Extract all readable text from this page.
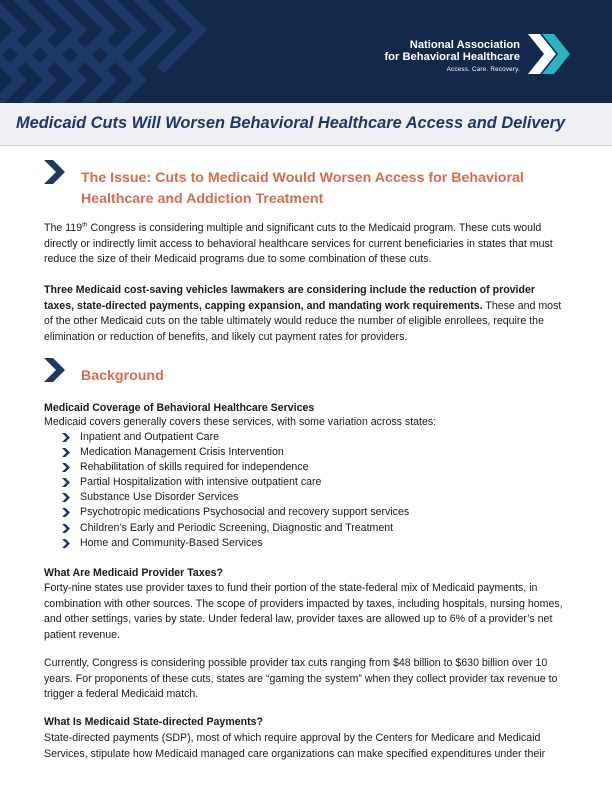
National Association
for Behavioral Healthcare
Access. Care. Recovery.
Medicaid Cuts Will Worsen Behavioral Healthcare Access and Delivery
The Issue: Cuts to Medicaid Would Worsen Access for Behavioral
Healthcare and Addiction Treatment

The 119th Congress is considering multiple and significant cuts to the Medicaid program. These cuts would directly or indirectly limit access to behavioral healthcare services for current beneficiaries in states that must reduce the size of their Medicaid programs due to some combination of these cuts.

Three Medicaid cost-saving vehicles lawmakers are considering include the reduction of provider taxes, state-directed payments, capping expansion, and mandating work requirements. These and most of the other Medicaid cuts on the table ultimately would reduce the number of eligible enrollees, require the elimination or reduction of benefits, and likely cut payment rates for providers.

Background

Medicaid Coverage of Behavioral Healthcare Services

Medicaid covers generally covers these services, with some variation across states:

Inpatient and Outpatient Care
Medication Management Crisis Intervention
Rehabilitation of skills required for independence
Partial Hospitalization with intensive outpatient care
Substance Use Disorder Services
Psychotropic medications Psychosocial and recovery support services
Children’s Early and Periodic Screening, Diagnostic and Treatment
Home and Community-Based Services

What Are Medicaid Provider Taxes?

Forty-nine states use provider taxes to fund their portion of the state-federal mix of Medicaid payments, in combination with other sources. The scope of providers impacted by taxes, including hospitals, nursing homes, and other settings, varies by state. Under federal law, provider taxes are allowed up to 6% of a provider’s net patient revenue.

Currently, Congress is considering possible provider tax cuts ranging from $48 billion to $630 billion over 10 years. For proponents of these cuts, states are “gaming the system” when they collect provider tax revenue to trigger a federal Medicaid match.

What Is Medicaid State-directed Payments?

State-directed payments (SDP), most of which require approval by the Centers for Medicare and Medicaid Services, stipulate how Medicaid managed care organizations can make specified expenditures under their
